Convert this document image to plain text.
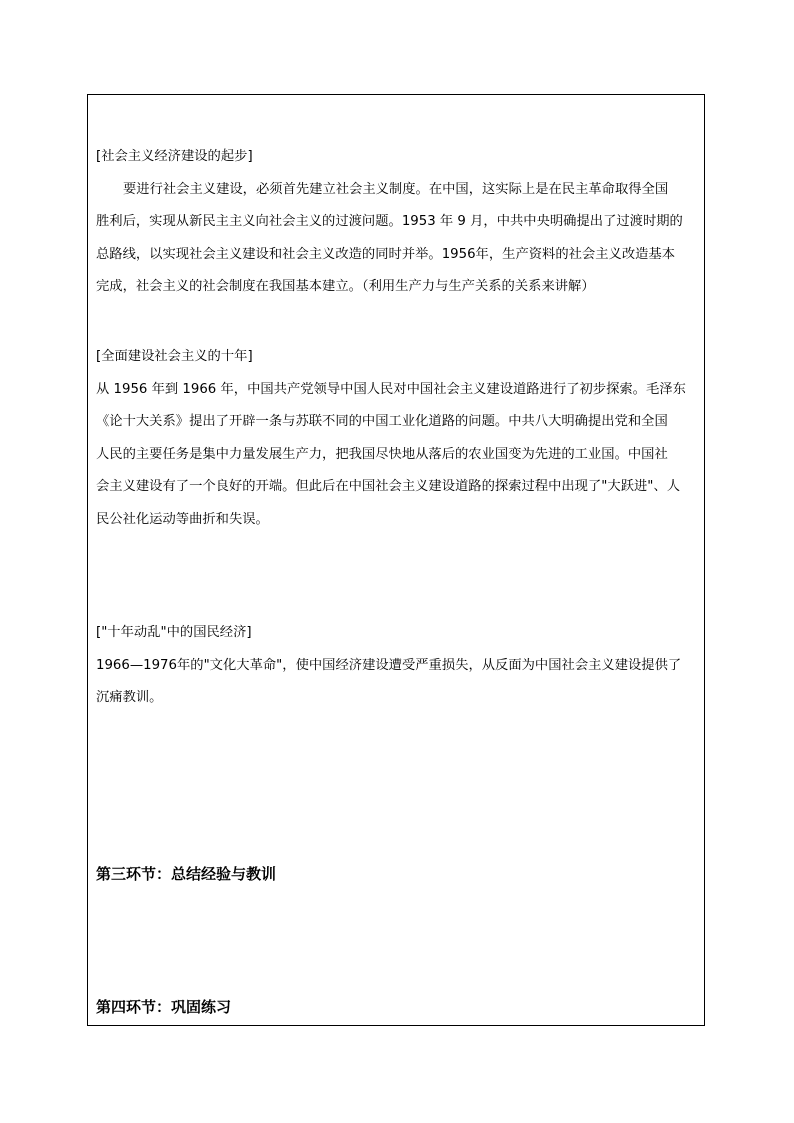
[社会主义经济建设的起步]
要进行社会主义建设，必须首先建立社会主义制度。在中国，这实际上是在民主革命取得全国
胜利后，实现从新民主主义向社会主义的过渡问题。1953 年 9 月，中共中央明确提出了过渡时期的
总路线，以实现社会主义建设和社会主义改造的同时并举。1956年，生产资料的社会主义改造基本
完成，社会主义的社会制度在我国基本建立。（利用生产力与生产关系的关系来讲解）
[全面建设社会主义的十年]
从 1956 年到 1966 年，中国共产党领导中国人民对中国社会主义建设道路进行了初步探索。毛泽东
《论十大关系》提出了开辟一条与苏联不同的中国工业化道路的问题。中共八大明确提出党和全国
人民的主要任务是集中力量发展生产力，把我国尽快地从落后的农业国变为先进的工业国。中国社
会主义建设有了一个良好的开端。但此后在中国社会主义建设道路的探索过程中出现了"大跃进"、人
民公社化运动等曲折和失误。
["十年动乱"中的国民经济]
1966—1976年的"文化大革命"，使中国经济建设遭受严重损失，从反面为中国社会主义建设提供了
沉痛教训。
第三环节：总结经验与教训
第四环节：巩固练习
